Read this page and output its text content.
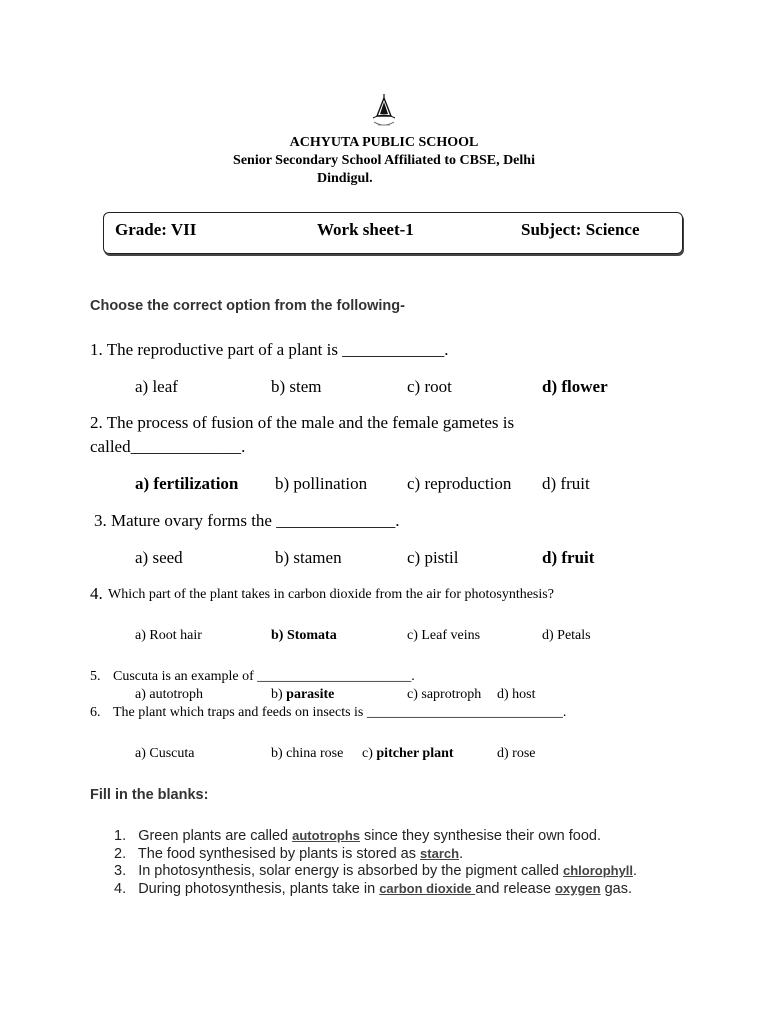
ACHYUTA PUBLIC SCHOOL
Senior Secondary School Affiliated to CBSE, Delhi
Dindigul.
Grade: VII	Work sheet-1	Subject: Science
Choose the correct option from the following-
1. The reproductive part of a plant is ____________.
a) leaf	b) stem	c) root	d) flower
2. The process of fusion of the male and the female gametes is
called_____________.
a) fertilization b) pollination c) reproduction d) fruit
3. Mature ovary forms the ______________.
a) seed	b) stamen	c) pistil	d) fruit
4. Which part of the plant takes in carbon dioxide from the air for photosynthesis?
a) Root hair	b) Stomata	c) Leaf veins	d) Petals
5. Cuscuta is an example of ______________________.
a) autotroph	b) parasite	c) saprotroph d) host
6. The plant which traps and feeds on insects is ____________________________.
a) Cuscuta	b) china rose c) pitcher plant	d) rose
Fill in the blanks:
1. Green plants are called autotrophs since they synthesise their own food.
2. The food synthesised by plants is stored as starch.
3. In photosynthesis, solar energy is absorbed by the pigment called chlorophyll.
4. During photosynthesis, plants take in carbon dioxide and release oxygen gas.
